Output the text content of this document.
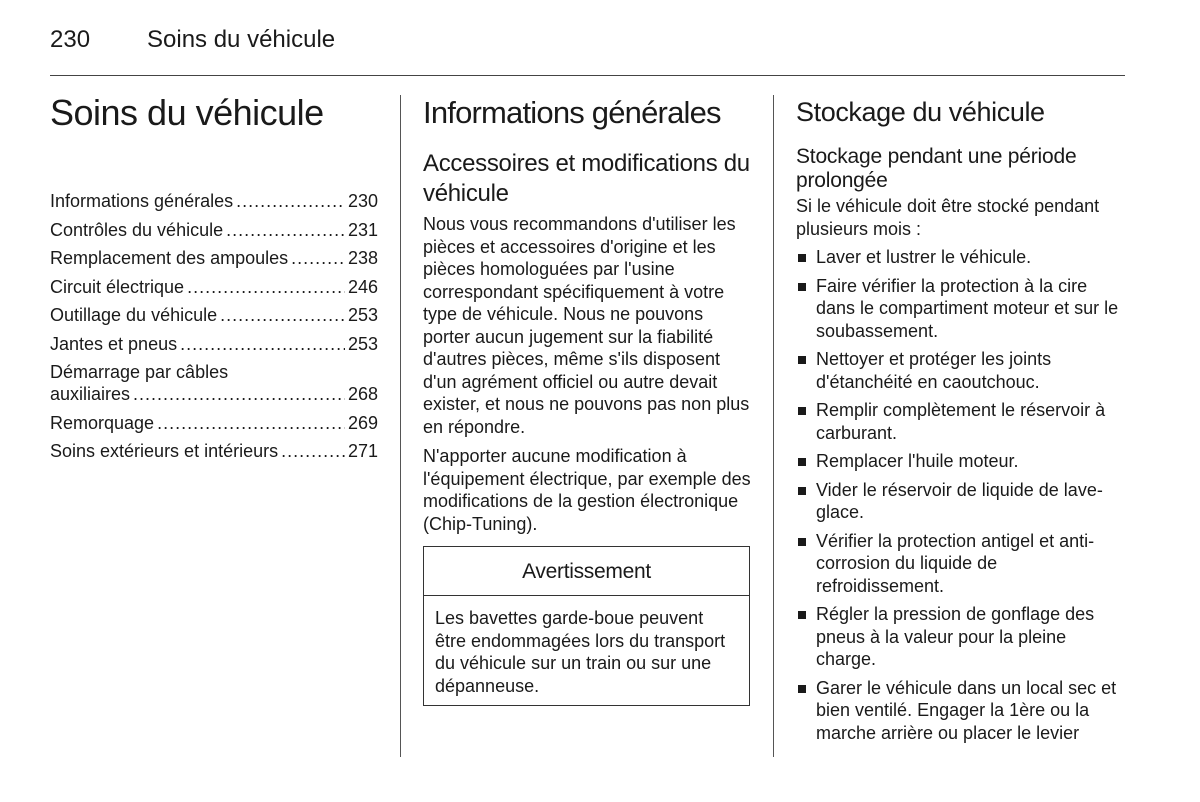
230 Soins du véhicule
Soins du véhicule
Informations générales .....	230
Contrôles du véhicule .....	231
Remplacement des ampoules .....	238
Circuit électrique .....	246
Outillage du véhicule .....	253
Jantes et pneus .....	253
Démarrage par câbles
auxiliaires .....	268
Remorquage .....	269
Soins extérieurs et intérieurs .....	271
Informations générales
Accessoires et modifications du véhicule

Nous vous recommandons d'utiliser les pièces et accessoires d'origine et les pièces homologuées par l'usine correspondant spécifiquement à votre type de véhicule. Nous ne pouvons porter aucun jugement sur la fiabilité d'autres pièces, même s'ils disposent d'un agrément officiel ou autre devait exister, et nous ne pouvons pas non plus en répondre.

N'apporter aucune modification à l'équipement électrique, par exemple des modifications de la gestion électronique (Chip-Tuning).

Avertissement
Les bavettes garde-boue peuvent être endommagées lors du transport du véhicule sur un train ou sur une dépanneuse.
Stockage du véhicule
Stockage pendant une période prolongée

Si le véhicule doit être stocké pendant plusieurs mois :

Laver et lustrer le véhicule.
Faire vérifier la protection à la cire dans le compartiment moteur et sur le soubassement.
Nettoyer et protéger les joints d'étanchéité en caoutchouc.
Remplir complètement le réservoir à carburant.
Remplacer l'huile moteur.
Vider le réservoir de liquide de lave-glace.
Vérifier la protection antigel et anti-corrosion du liquide de refroidissement.
Régler la pression de gonflage des pneus à la valeur pour la pleine charge.
Garer le véhicule dans un local sec et bien ventilé. Engager la 1ère ou la marche arrière ou placer le levier
